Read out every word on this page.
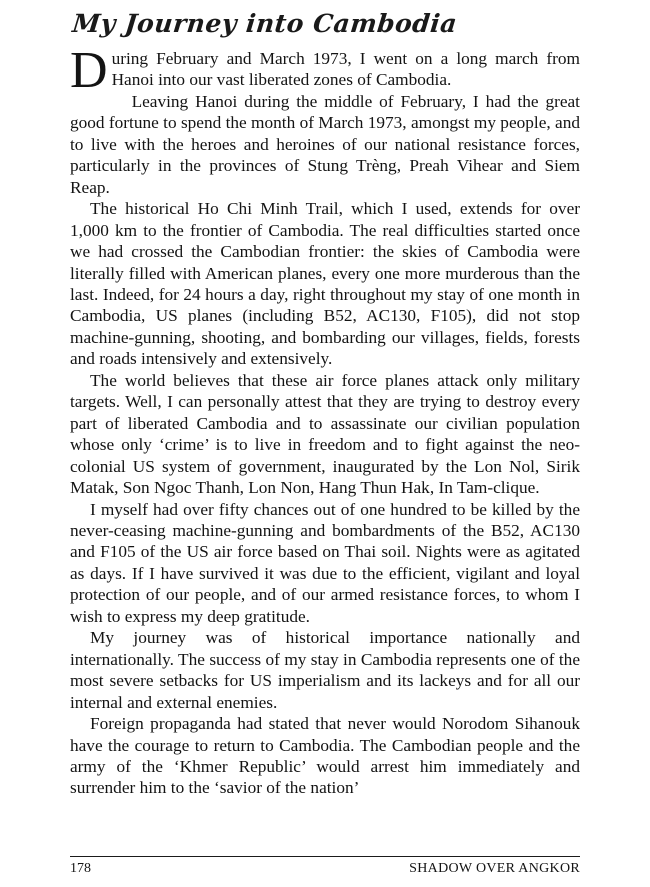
My Journey into Cambodia

During February and March 1973, I went on a long march from Hanoi into our vast liberated zones of Cambodia.

Leaving Hanoi during the middle of February, I had the great good fortune to spend the month of March 1973, amongst my people, and to live with the heroes and heroines of our national resistance forces, particularly in the provinces of Stung Trèng, Preah Vihear and Siem Reap.

The historical Ho Chi Minh Trail, which I used, extends for over 1,000 km to the frontier of Cambodia. The real difficulties started once we had crossed the Cambodian frontier: the skies of Cambodia were literally filled with American planes, every one more murderous than the last. Indeed, for 24 hours a day, right throughout my stay of one month in Cambodia, US planes (including B52, AC130, F105), did not stop machine-gunning, shooting, and bombarding our villages, fields, forests and roads intensively and extensively.

The world believes that these air force planes attack only military targets. Well, I can personally attest that they are trying to destroy every part of liberated Cambodia and to assassinate our civilian population whose only ‘crime’ is to live in freedom and to fight against the neo-colonial US system of government, inaugurated by the Lon Nol, Sirik Matak, Son Ngoc Thanh, Lon Non, Hang Thun Hak, In Tam-clique.

I myself had over fifty chances out of one hundred to be killed by the never-ceasing machine-gunning and bombardments of the B52, AC130 and F105 of the US air force based on Thai soil. Nights were as agitated as days. If I have survived it was due to the efficient, vigilant and loyal protection of our people, and of our armed resistance forces, to whom I wish to express my deep gratitude.

My journey was of historical importance nationally and internationally. The success of my stay in Cambodia represents one of the most severe setbacks for US imperialism and its lackeys and for all our internal and external enemies.

Foreign propaganda had stated that never would Norodom Sihanouk have the courage to return to Cambodia. The Cambodian people and the army of the ‘Khmer Republic’ would arrest him immediately and surrender him to the ‘savior of the nation’

178	SHADOW OVER ANGKOR
